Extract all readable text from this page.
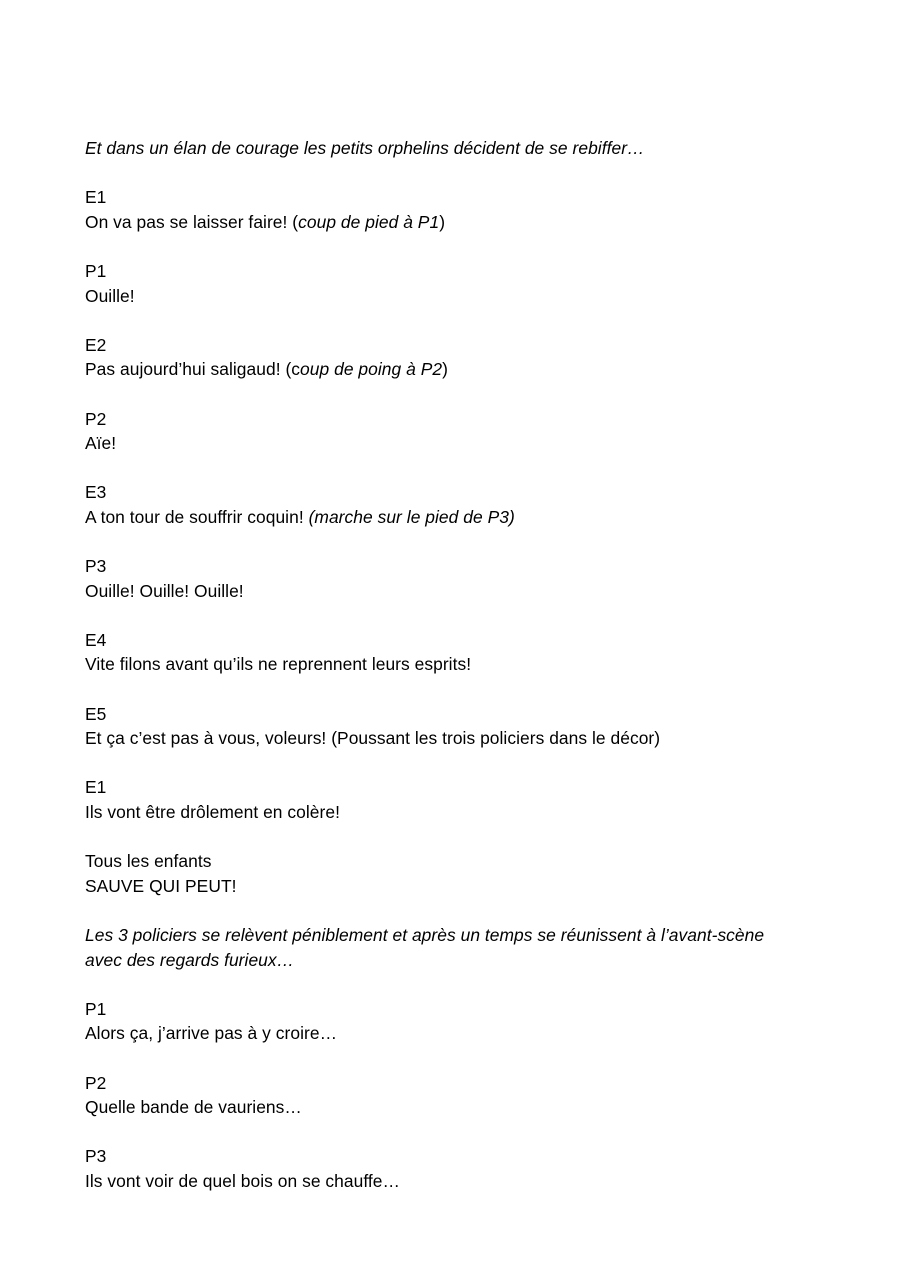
Et dans un élan de courage les petits orphelins décident de se rebiffer…

E1

On va pas se laisser faire! (coup de pied à P1)

P1

Ouille!

E2

Pas aujourd’hui saligaud! (coup de poing à P2)

P2

Aïe!

E3

A ton tour de souffrir coquin! (marche sur le pied de P3)

P3

Ouille! Ouille! Ouille!

E4

Vite filons avant qu’ils ne reprennent leurs esprits!

E5

Et ça c’est pas à vous, voleurs! (Poussant les trois policiers dans le décor)

E1

Ils vont être drôlement en colère!

Tous les enfants

SAUVE QUI PEUT!

Les 3 policiers se relèvent péniblement et après un temps se réunissent à l’avant-scène avec des regards furieux…

P1

Alors ça, j’arrive pas à y croire…

P2

Quelle bande de vauriens…

P3

Ils vont voir de quel bois on se chauffe…
